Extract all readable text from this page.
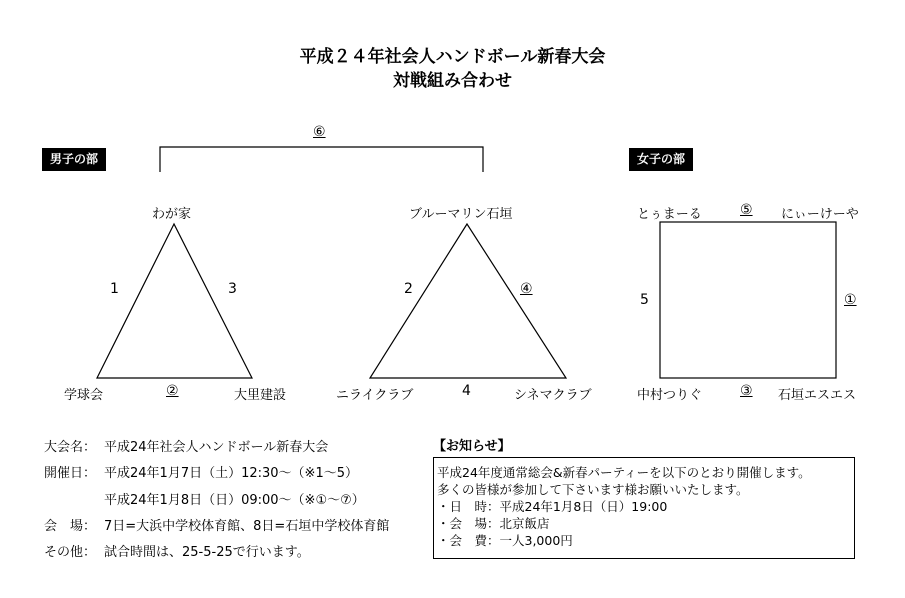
平成２４年社会人ハンドボール新春大会
対戦組み合わせ
⑥
男子の部	女子の部
わが家
学球会	大里建設
1	3
②
ブルーマリン石垣
ニライクラブ	シネマクラブ
2	④
4
とぅまーる	⑤ にぃーけーや
5	①
中村つりぐ	③ 石垣エスエス
大会名： 平成24年社会人ハンドボール新春大会
開催日： 平成24年1月7日（土）12:30～（※1～5）
平成24年1月8日（日）09:00～（※①～⑦）
会　場： 7日=大浜中学校体育館、8日=石垣中学校体育館
その他： 試合時間は、25-5-25で行います。
【お知らせ】
平成24年度通常総会&新春パーティーを以下のとおり開催します。
多くの皆様が参加して下さいます様お願いいたします。
・日　時：平成24年1月8日（日）19:00
・会　場：北京飯店
・会　費：一人3,000円
